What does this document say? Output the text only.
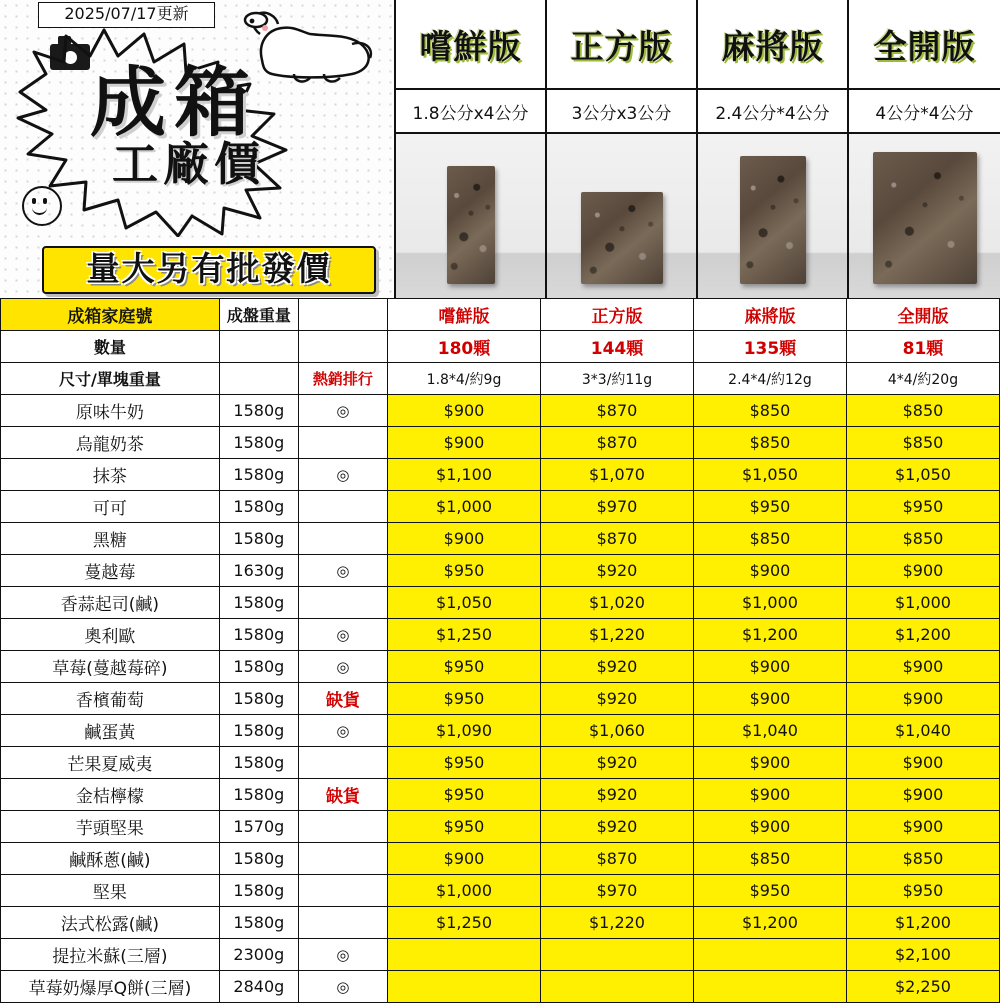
2025/07/17更新
成箱
工廠價
量大另有批發價
嚐鮮版
1.8公分x4公分
正方版
3公分x3公分
麻將版
2.4公分*4公分
全開版
4公分*4公分
成箱家庭號	成盤重量		嚐鮮版	正方版	麻將版	全開版
數量			180顆	144顆	135顆	81顆
尺寸/單塊重量		熱銷排行	1.8*4/約9g	3*3/約11g	2.4*4/約12g	4*4/約20g
原味牛奶	1580g	◎	$900	$870	$850	$850
烏龍奶茶	1580g		$900	$870	$850	$850
抹茶	1580g	◎	$1,100	$1,070	$1,050	$1,050
可可	1580g		$1,000	$970	$950	$950
黑糖	1580g		$900	$870	$850	$850
蔓越莓	1630g	◎	$950	$920	$900	$900
香蒜起司(鹹)	1580g		$1,050	$1,020	$1,000	$1,000
奧利歐	1580g	◎	$1,250	$1,220	$1,200	$1,200
草莓(蔓越莓碎)	1580g	◎	$950	$920	$900	$900
香檳葡萄	1580g	缺貨	$950	$920	$900	$900
鹹蛋黃	1580g	◎	$1,090	$1,060	$1,040	$1,040
芒果夏威夷	1580g		$950	$920	$900	$900
金桔檸檬	1580g	缺貨	$950	$920	$900	$900
芋頭堅果	1570g		$950	$920	$900	$900
鹹酥蔥(鹹)	1580g		$900	$870	$850	$850
堅果	1580g		$1,000	$970	$950	$950
法式松露(鹹)	1580g		$1,250	$1,220	$1,200	$1,200
提拉米蘇(三層)	2300g	◎				$2,100
草莓奶爆厚Q餅(三層)	2840g	◎				$2,250
